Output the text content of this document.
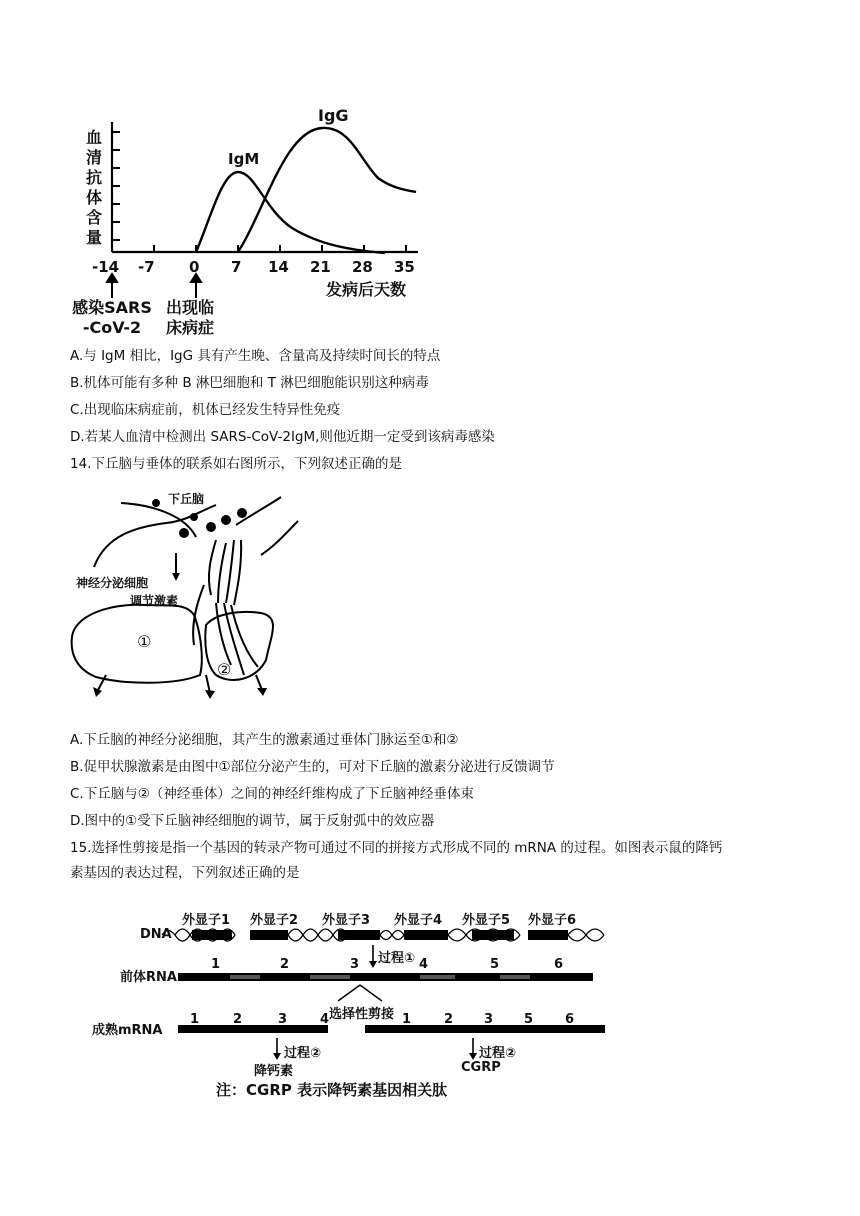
血清抗体含量
IgM
IgG
-14 -7 0 7 14 21 28 35
发病后天数
感染SARS
-CoV-2
出现临
床病症
A.与 IgM 相比，IgG 具有产生晚、含量高及持续时间长的特点
B.机体可能有多种 B 淋巴细胞和 T 淋巴细胞能识别这种病毒
C.出现临床病症前，机体已经发生特异性免疫
D.若某人血清中检测出 SARS-CoV-2IgM,则他近期一定受到该病毒感染
14.下丘脑与垂体的联系如右图所示，下列叙述正确的是
下丘脑
神经分泌细胞
调节激素
①
②
A.下丘脑的神经分泌细胞，其产生的激素通过垂体门脉运至①和②
B.促甲状腺激素是由图中①部位分泌产生的，可对下丘脑的激素分泌进行反馈调节
C.下丘脑与②（神经垂体）之间的神经纤维构成了下丘脑神经垂体束
D.图中的①受下丘脑神经细胞的调节，属于反射弧中的效应器
15.选择性剪接是指一个基因的转录产物可通过不同的拼接方式形成不同的 mRNA 的过程。如图表示鼠的降钙
素基因的表达过程，下列叙述正确的是
DNA
外显子1 外显子2 外显子3 外显子4 外显子5 外显子6
过程①
前体RNA
1	2	3	4	5	6
选择性剪接
成熟mRNA
1	2	3	4	1	2 3 5 6
过程②	过程②
降钙素	CGRP
注：CGRP 表示降钙素基因相关肽
